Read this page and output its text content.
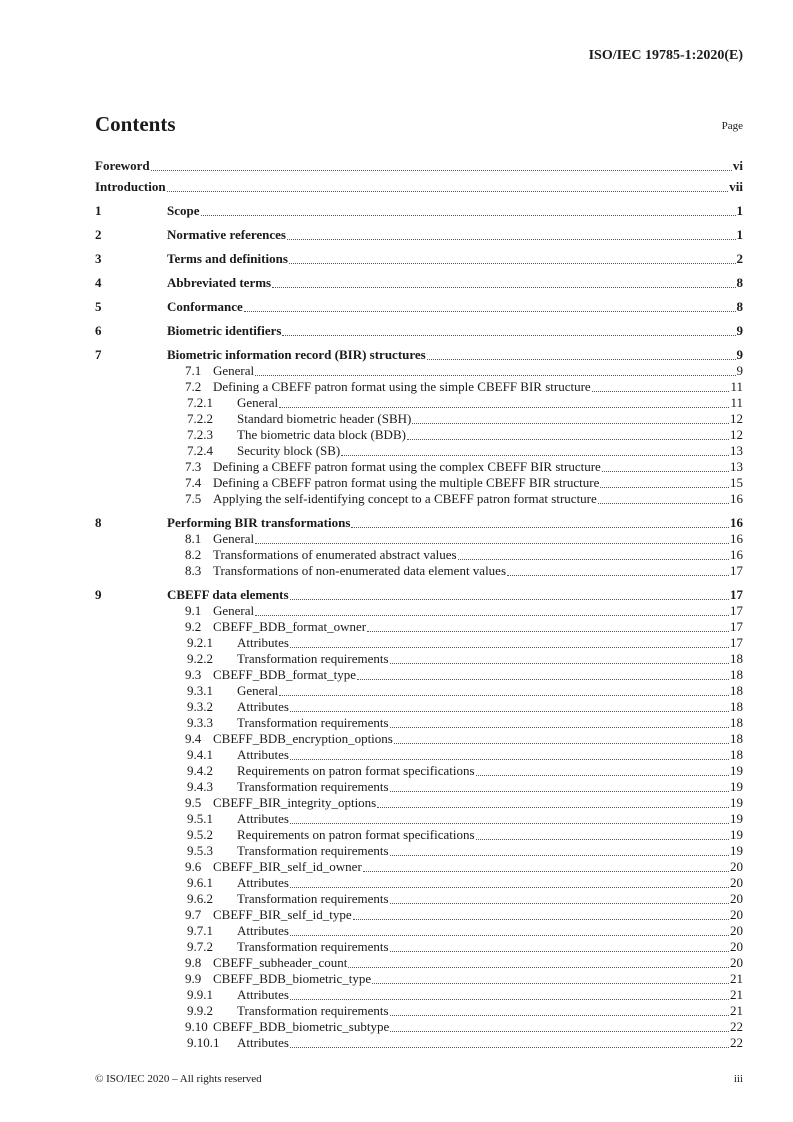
ISO/IEC 19785-1:2020(E)
Contents	Page
Foreword	vi
Introduction	vii
1	Scope	1
2	Normative references	1
3	Terms and definitions	2
4	Abbreviated terms	8
5	Conformance	8
6	Biometric identifiers	9
7	Biometric information record (BIR) structures	9
7.1 General	9
7.2 Defining a CBEFF patron format using the simple CBEFF BIR structure	11
7.2.1	General	11
7.2.2	Standard biometric header (SBH)	12
7.2.3	The biometric data block (BDB)	12
7.2.4	Security block (SB)	13
7.3 Defining a CBEFF patron format using the complex CBEFF BIR structure	13
7.4 Defining a CBEFF patron format using the multiple CBEFF BIR structure	15
7.5 Applying the self-identifying concept to a CBEFF patron format structure	16
8	Performing BIR transformations	16
8.1 General	16
8.2 Transformations of enumerated abstract values	16
8.3 Transformations of non-enumerated data element values	17
9	CBEFF data elements	17
9.1 General	17
9.2 CBEFF_BDB_format_owner	17
9.2.1	Attributes	17
9.2.2	Transformation requirements	18
9.3 CBEFF_BDB_format_type	18
9.3.1	General	18
9.3.2	Attributes	18
9.3.3	Transformation requirements	18
9.4 CBEFF_BDB_encryption_options	18
9.4.1	Attributes	18
9.4.2	Requirements on patron format specifications	19
9.4.3	Transformation requirements	19
9.5 CBEFF_BIR_integrity_options	19
9.5.1	Attributes	19
9.5.2	Requirements on patron format specifications	19
9.5.3	Transformation requirements	19
9.6 CBEFF_BIR_self_id_owner	20
9.6.1	Attributes	20
9.6.2	Transformation requirements	20
9.7 CBEFF_BIR_self_id_type	20
9.7.1	Attributes	20
9.7.2	Transformation requirements	20
9.8 CBEFF_subheader_count	20
9.9 CBEFF_BDB_biometric_type	21
9.9.1	Attributes	21
9.9.2	Transformation requirements	21
9.10 CBEFF_BDB_biometric_subtype	22
9.10.1	Attributes	22
© ISO/IEC 2020 – All rights reserved	iii
